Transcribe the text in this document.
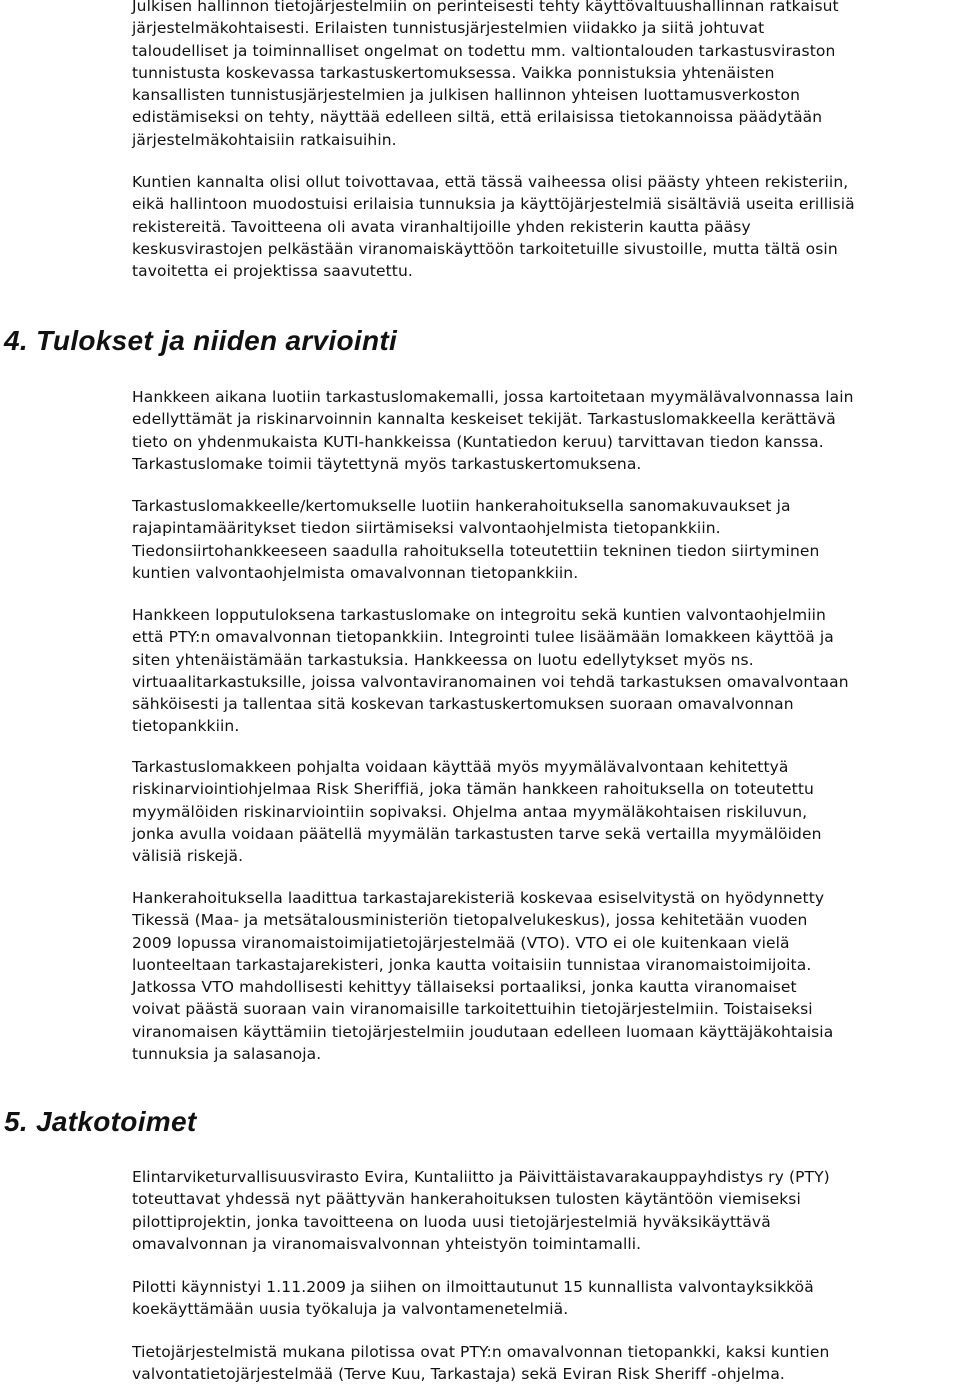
Julkisen hallinnon tietojärjestelmiin on perinteisesti tehty käyttövaltuushallinnan ratkaisut
järjestelmäkohtaisesti. Erilaisten tunnistusjärjestelmien viidakko ja siitä johtuvat
taloudelliset ja toiminnalliset ongelmat on todettu mm. valtiontalouden tarkastusviraston
tunnistusta koskevassa tarkastuskertomuksessa. Vaikka ponnistuksia yhtenäisten
kansallisten tunnistusjärjestelmien ja julkisen hallinnon yhteisen luottamusverkoston
edistämiseksi on tehty, näyttää edelleen siltä, että erilaisissa tietokannoissa päädytään
järjestelmäkohtaisiin ratkaisuihin.
Kuntien kannalta olisi ollut toivottavaa, että tässä vaiheessa olisi päästy yhteen rekisteriin,
eikä hallintoon muodostuisi erilaisia tunnuksia ja käyttöjärjestelmiä sisältäviä useita erillisiä
rekistereitä. Tavoitteena oli avata viranhaltijoille yhden rekisterin kautta pääsy
keskusvirastojen pelkästään viranomaiskäyttöön tarkoitetuille sivustoille, mutta tältä osin
tavoitetta ei projektissa saavutettu.
4. Tulokset ja niiden arviointi
Hankkeen aikana luotiin tarkastuslomakemalli, jossa kartoitetaan myymälävalvonnassa lain
edellyttämät ja riskinarvoinnin kannalta keskeiset tekijät. Tarkastuslomakkeella kerättävä
tieto on yhdenmukaista KUTI-hankkeissa (Kuntatiedon keruu) tarvittavan tiedon kanssa.
Tarkastuslomake toimii täytettynä myös tarkastuskertomuksena.
Tarkastuslomakkeelle/kertomukselle luotiin hankerahoituksella sanomakuvaukset ja
rajapintamääritykset tiedon siirtämiseksi valvontaohjelmista tietopankkiin.
Tiedonsiirtohankkeeseen saadulla rahoituksella toteutettiin tekninen tiedon siirtyminen
kuntien valvontaohjelmista omavalvonnan tietopankkiin.
Hankkeen lopputuloksena tarkastuslomake on integroitu sekä kuntien valvontaohjelmiin
että PTY:n omavalvonnan tietopankkiin. Integrointi tulee lisäämään lomakkeen käyttöä ja
siten yhtenäistämään tarkastuksia. Hankkeessa on luotu edellytykset myös ns.
virtuaalitarkastuksille, joissa valvontaviranomainen voi tehdä tarkastuksen omavalvontaan
sähköisesti ja tallentaa sitä koskevan tarkastuskertomuksen suoraan omavalvonnan
tietopankkiin.
Tarkastuslomakkeen pohjalta voidaan käyttää myös myymälävalvontaan kehitettyä
riskinarviointiohjelmaa Risk Sheriffiä, joka tämän hankkeen rahoituksella on toteutettu
myymälöiden riskinarviointiin sopivaksi. Ohjelma antaa myymäläkohtaisen riskiluvun,
jonka avulla voidaan päätellä myymälän tarkastusten tarve sekä vertailla myymälöiden
välisiä riskejä.
Hankerahoituksella laadittua tarkastajarekisteriä koskevaa esiselvitystä on hyödynnetty
Tikessä (Maa- ja metsätalousministeriön tietopalvelukeskus), jossa kehitetään vuoden
2009 lopussa viranomaistoimijatietojärjestelmää (VTO). VTO ei ole kuitenkaan vielä
luonteeltaan tarkastajarekisteri, jonka kautta voitaisiin tunnistaa viranomaistoimijoita.
Jatkossa VTO mahdollisesti kehittyy tällaiseksi portaaliksi, jonka kautta viranomaiset
voivat päästä suoraan vain viranomaisille tarkoitettuihin tietojärjestelmiin. Toistaiseksi
viranomaisen käyttämiin tietojärjestelmiin joudutaan edelleen luomaan käyttäjäkohtaisia
tunnuksia ja salasanoja.
5. Jatkotoimet
Elintarviketurvallisuusvirasto Evira, Kuntaliitto ja Päivittäistavarakauppayhdistys ry (PTY)
toteuttavat yhdessä nyt päättyvän hankerahoituksen tulosten käytäntöön viemiseksi
pilottiprojektin, jonka tavoitteena on luoda uusi tietojärjestelmiä hyväksikäyttävä
omavalvonnan ja viranomaisvalvonnan yhteistyön toimintamalli.
Pilotti käynnistyi 1.11.2009 ja siihen on ilmoittautunut 15 kunnallista valvontayksikköä
koekäyttämään uusia työkaluja ja valvontamenetelmiä.
Tietojärjestelmistä mukana pilotissa ovat PTY:n omavalvonnan tietopankki, kaksi kuntien
valvontatietojärjestelmää (Terve Kuu, Tarkastaja) sekä Eviran Risk Sheriff -ohjelma.
